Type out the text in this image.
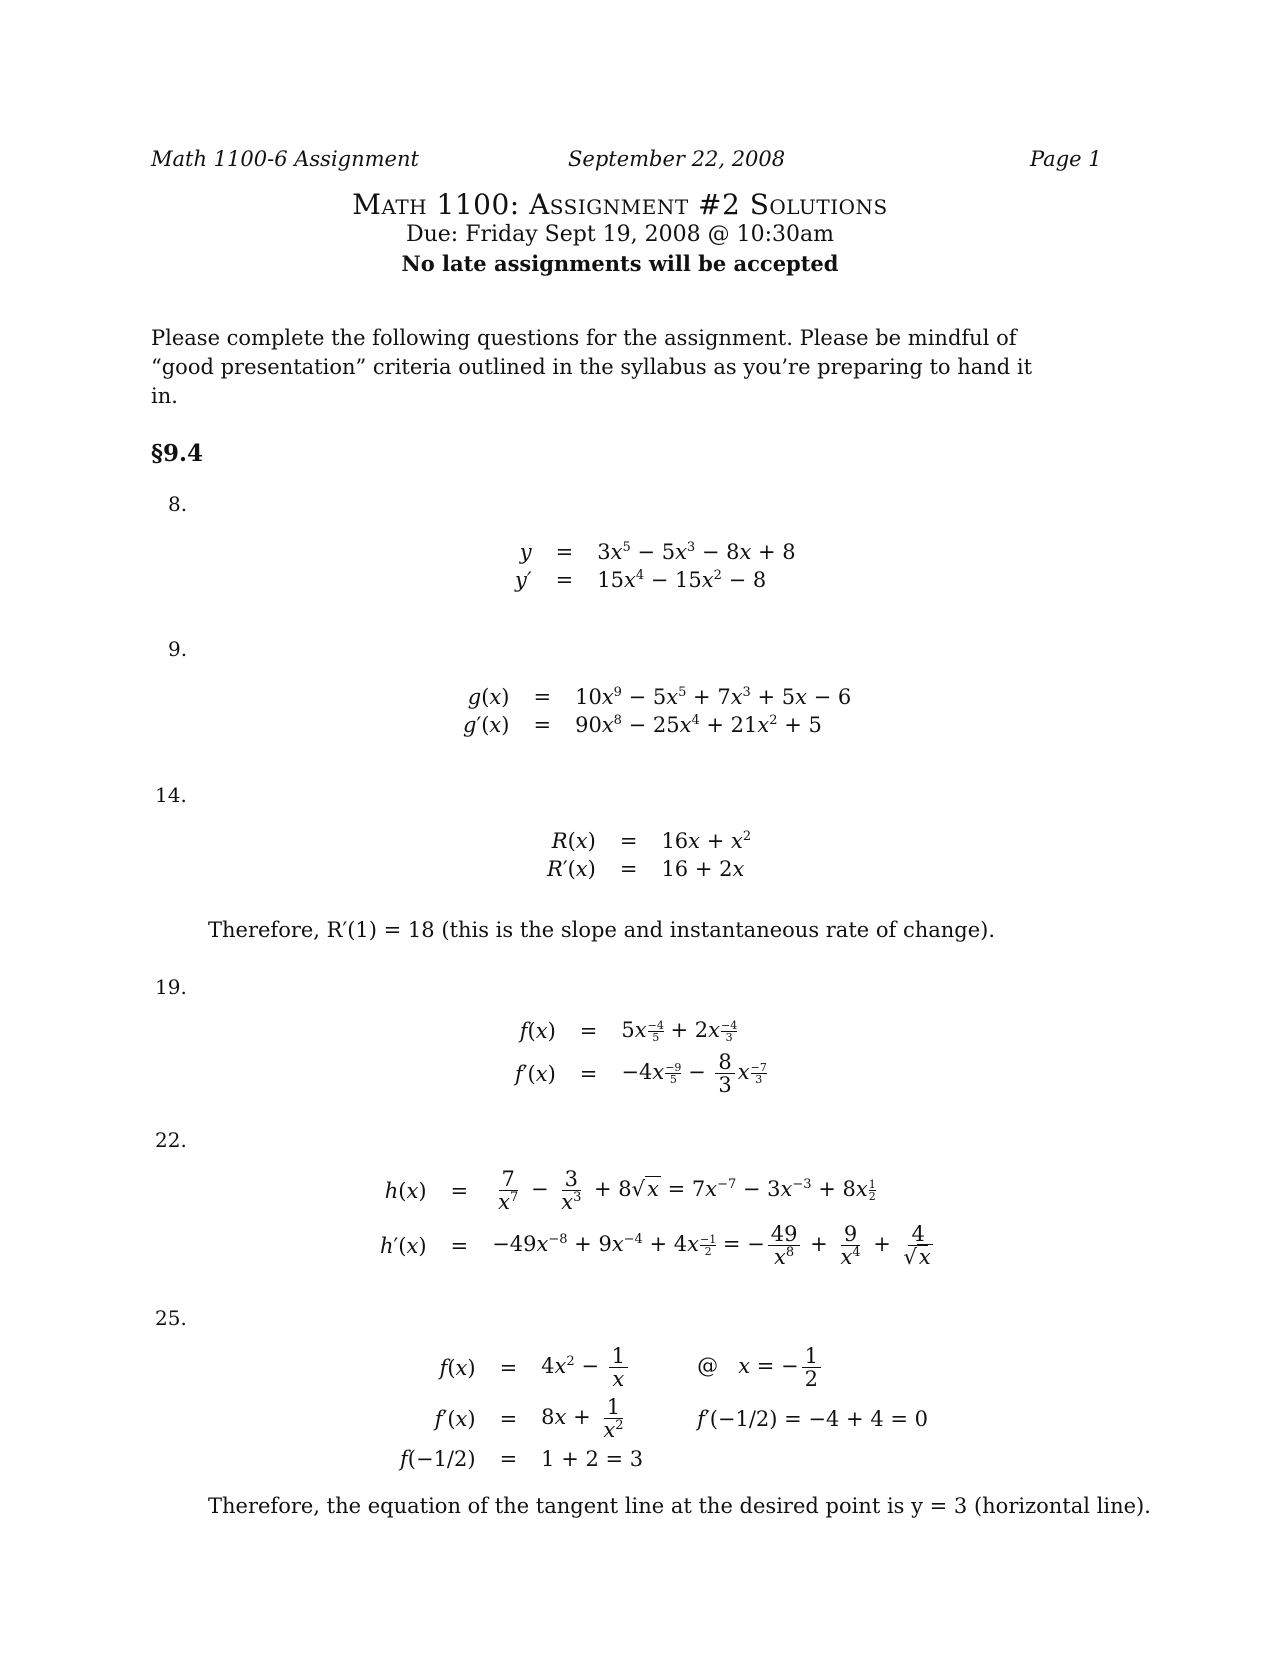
Math 1100-6 Assignment	September 22, 2008	Page 1
Math 1100: Assignment #2 Solutions
Due: Friday Sept 19, 2008 @ 10:30am
No late assignments will be accepted
Please complete the following questions for the assignment. Please be mindful of “good presentation” criteria outlined in the syllabus as you’re preparing to hand it in.
§9.4
8.
$y = 3x^5 - 5x^3 - 8x + 8$
$y' = 15x^4 - 15x^2 - 8$
9.
$g(x) = 10x^9 - 5x^5 + 7x^3 + 5x - 6$
$g'(x) = 90x^8 - 25x^4 + 21x^2 + 5$
14.
$R(x) = 16x + x^2$
R′(x) = 16 + 2x
Therefore, R′(1) = 18 (this is the slope and instantaneous rate of change).
19.
$f(x) = 5x \frac{-4}{5} + 2x \frac{-4}{3}$
$f'(x) = -4x \frac{-9}{5} - \frac{8}{3}$ x $\frac{-7}{3}$
22.
$h(x) = \frac{7}{x^7} - \frac{3}{x^3} + 8√x = 7x^{-7} - 3x^{-3} + 8x \frac{1}{2}$
$h'(x) = -49x^{-8} + 9x^{-4} + 4x \frac{-1}{2}$ = − $\frac{49}{x^8} + \frac{9}{x^4} + \frac{4}{√x}$
25.
$f(x) = 4x^2 - \frac{1}{x}$	@   x = − $\frac{1}{2}$
$f'(x) = 8x + \frac{1}{x^2}$	f′(−1/2) = −4 + 4 = 0
f(−1/2) = 1 + 2 = 3
Therefore, the equation of the tangent line at the desired point is y = 3 (horizontal line).
